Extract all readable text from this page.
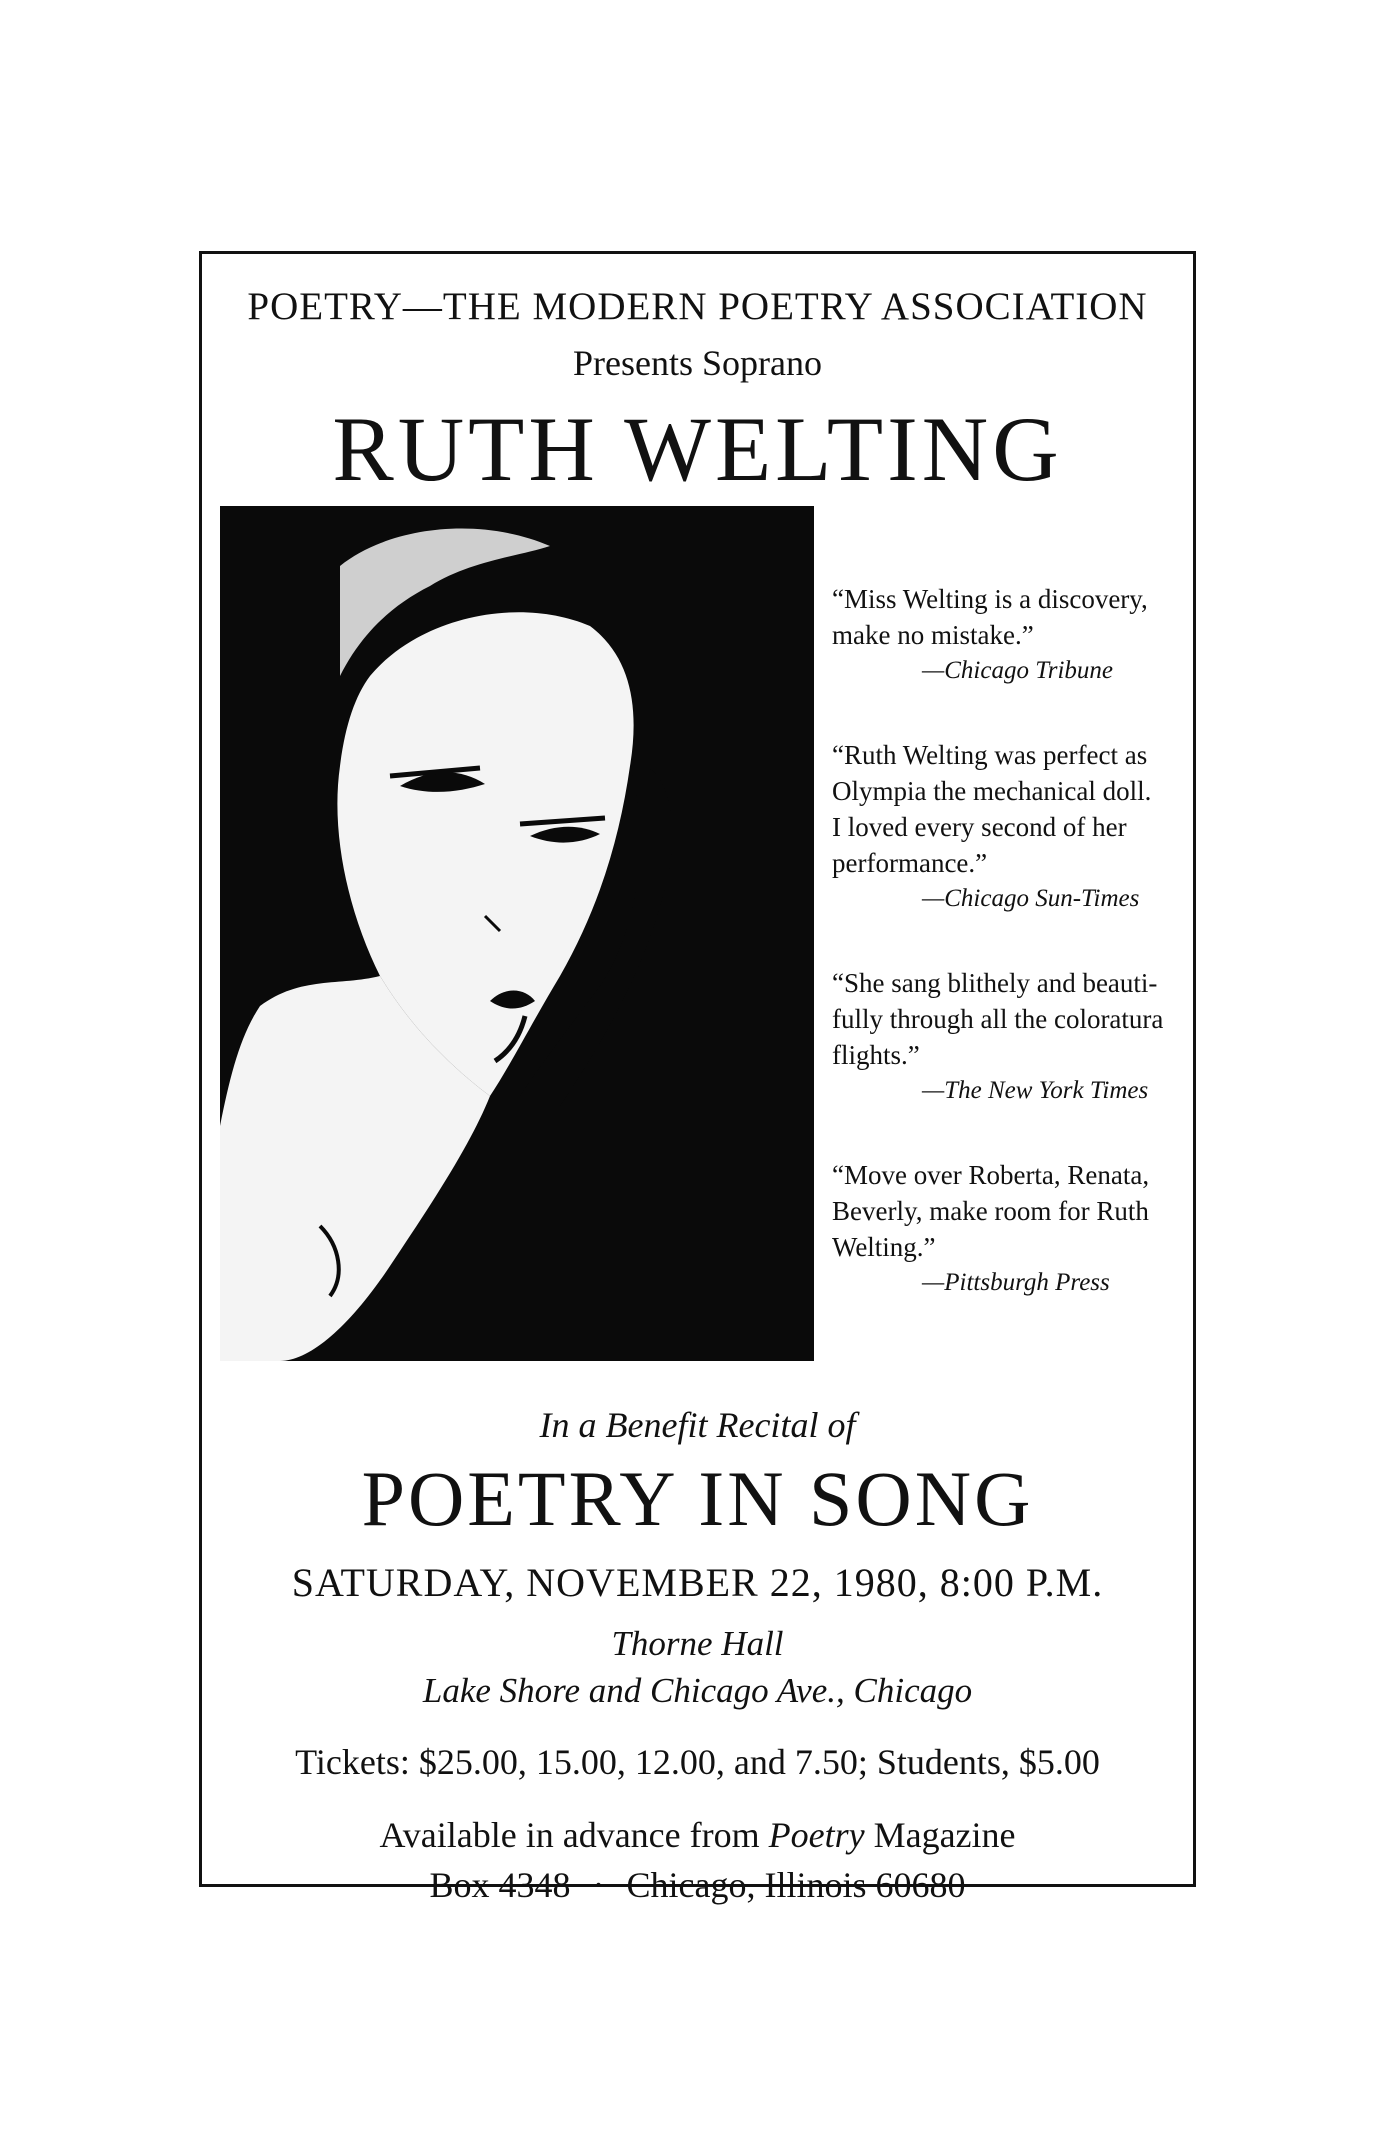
POETRY—THE MODERN POETRY ASSOCIATION
Presents Soprano
RUTH WELTING
“Miss Welting is a discovery,
make no mistake.”
—Chicago Tribune
“Ruth Welting was perfect as
Olympia the mechanical doll.
I loved every second of her
performance.”
—Chicago Sun-Times
“She sang blithely and beauti-
fully through all the coloratura
flights.”
—The New York Times
“Move over Roberta, Renata,
Beverly, make room for Ruth
Welting.”
—Pittsburgh Press
In a Benefit Recital of
POETRY IN SONG
SATURDAY, NOVEMBER 22, 1980, 8:00 P.M.
Thorne Hall
Lake Shore and Chicago Ave., Chicago
Tickets: $25.00, 15.00, 12.00, and 7.50; Students, $5.00
Available in advance from Poetry Magazine
Box 4348 · Chicago, Illinois 60680
